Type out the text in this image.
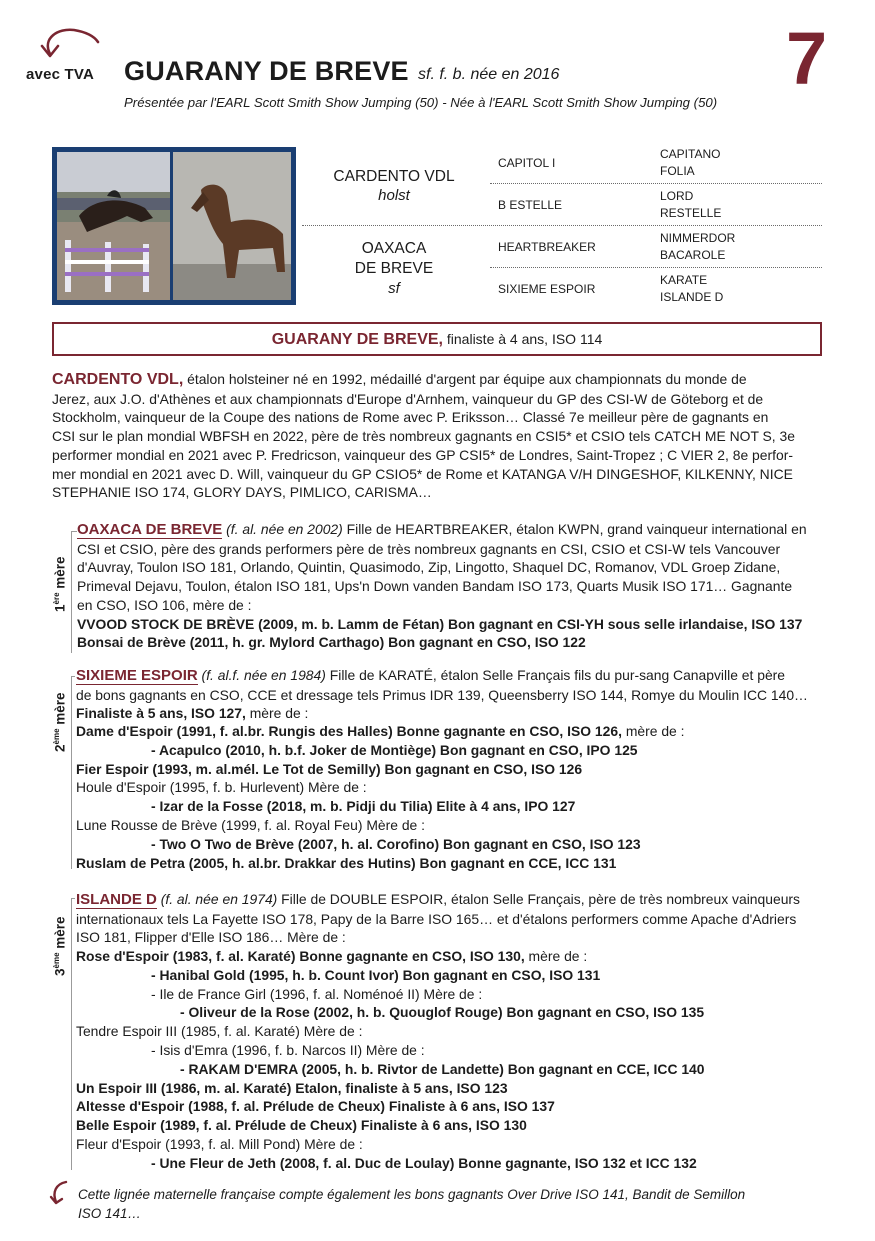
avec TVA GUARANY DE BREVE sf. f. b. née en 2016
Présentée par l'EARL Scott Smith Show Jumping (50) - Née à l'EARL Scott Smith Show Jumping (50)
7
CARDENTO VDL
holst
OAXACA
DE BREVE
sf
CAPITOL I
B ESTELLE
HEARTBREAKER
SIXIEME ESPOIR
CAPITANO
FOLIA
LORD
RESTELLE
NIMMERDOR
BACAROLE
KARATE
ISLANDE D
GUARANY DE BREVE, finaliste à 4 ans, ISO 114
CARDENTO VDL, étalon holsteiner né en 1992, médaillé d'argent par équipe aux championnats du monde de
Jerez, aux J.O. d'Athènes et aux championnats d'Europe d'Arnhem, vainqueur du GP des CSI-W de Göteborg et de
Stockholm, vainqueur de la Coupe des nations de Rome avec P. Eriksson… Classé 7e meilleur père de gagnants en
CSI sur le plan mondial WBFSH en 2022, père de très nombreux gagnants en CSI5* et CSIO tels CATCH ME NOT S, 3e
performer mondial en 2021 avec P. Fredricson, vainqueur des GP CSI5* de Londres, Saint-Tropez ; C VIER 2, 8e perfor-
mer mondial en 2021 avec D. Will, vainqueur du GP CSIO5* de Rome et KATANGA V/H DINGESHOF, KILKENNY, NICE
STEPHANIE ISO 174, GLORY DAYS, PIMLICO, CARISMA…
1ère mère
OAXACA DE BREVE (f. al. née en 2002) Fille de HEARTBREAKER, étalon KWPN, grand vainqueur international en
CSI et CSIO, père des grands performers père de très nombreux gagnants en CSI, CSIO et CSI-W tels Vancouver
d'Auvray, Toulon ISO 181, Orlando, Quintin, Quasimodo, Zip, Lingotto, Shaquel DC, Romanov, VDL Groep Zidane,
Primeval Dejavu, Toulon, étalon ISO 181, Ups'n Down vanden Bandam ISO 173, Quarts Musik ISO 171… Gagnante
en CSO, ISO 106, mère de :
VVOOD STOCK DE BRÈVE (2009, m. b. Lamm de Fétan) Bon gagnant en CSI-YH sous selle irlandaise, ISO 137
Bonsai de Brève (2011, h. gr. Mylord Carthago) Bon gagnant en CSO, ISO 122
2ème mère
SIXIEME ESPOIR (f. al.f. née en 1984) Fille de KARATÉ, étalon Selle Français fils du pur-sang Canapville et père
de bons gagnants en CSO, CCE et dressage tels Primus IDR 139, Queensberry ISO 144, Romye du Moulin ICC 140…
Finaliste à 5 ans, ISO 127, mère de :
Dame d'Espoir (1991, f. al.br. Rungis des Halles) Bonne gagnante en CSO, ISO 126, mère de :
- Acapulco (2010, h. b.f. Joker de Montiège) Bon gagnant en CSO, IPO 125
Fier Espoir (1993, m. al.mél. Le Tot de Semilly) Bon gagnant en CSO, ISO 126
Houle d'Espoir (1995, f. b. Hurlevent) Mère de :
- Izar de la Fosse (2018, m. b. Pidji du Tilia) Elite à 4 ans, IPO 127
Lune Rousse de Brève (1999, f. al. Royal Feu) Mère de :
- Two O Two de Brève (2007, h. al. Corofino) Bon gagnant en CSO, ISO 123
Ruslam de Petra (2005, h. al.br. Drakkar des Hutins) Bon gagnant en CCE, ICC 131
3ème mère
ISLANDE D (f. al. née en 1974) Fille de DOUBLE ESPOIR, étalon Selle Français, père de très nombreux vainqueurs
internationaux tels La Fayette ISO 178, Papy de la Barre ISO 165… et d'étalons performers comme Apache d'Adriers
ISO 181, Flipper d'Elle ISO 186… Mère de :
Rose d'Espoir (1983, f. al. Karaté) Bonne gagnante en CSO, ISO 130, mère de :
- Hanibal Gold (1995, h. b. Count Ivor) Bon gagnant en CSO, ISO 131
- Ile de France Girl (1996, f. al. Noménoé II) Mère de :
- Oliveur de la Rose (2002, h. b. Quouglof Rouge) Bon gagnant en CSO, ISO 135
Tendre Espoir III (1985, f. al. Karaté) Mère de :
- Isis d'Emra (1996, f. b. Narcos II) Mère de :
- RAKAM D'EMRA (2005, h. b. Rivtor de Landette) Bon gagnant en CCE, ICC 140
Un Espoir III (1986, m. al. Karaté) Etalon, finaliste à 5 ans, ISO 123
Altesse d'Espoir (1988, f. al. Prélude de Cheux) Finaliste à 6 ans, ISO 137
Belle Espoir (1989, f. al. Prélude de Cheux) Finaliste à 6 ans, ISO 130
Fleur d'Espoir (1993, f. al. Mill Pond) Mère de :
- Une Fleur de Jeth (2008, f. al. Duc de Loulay) Bonne gagnante, ISO 132 et ICC 132
Cette lignée maternelle française compte également les bons gagnants Over Drive ISO 141, Bandit de Semillon
ISO 141…
